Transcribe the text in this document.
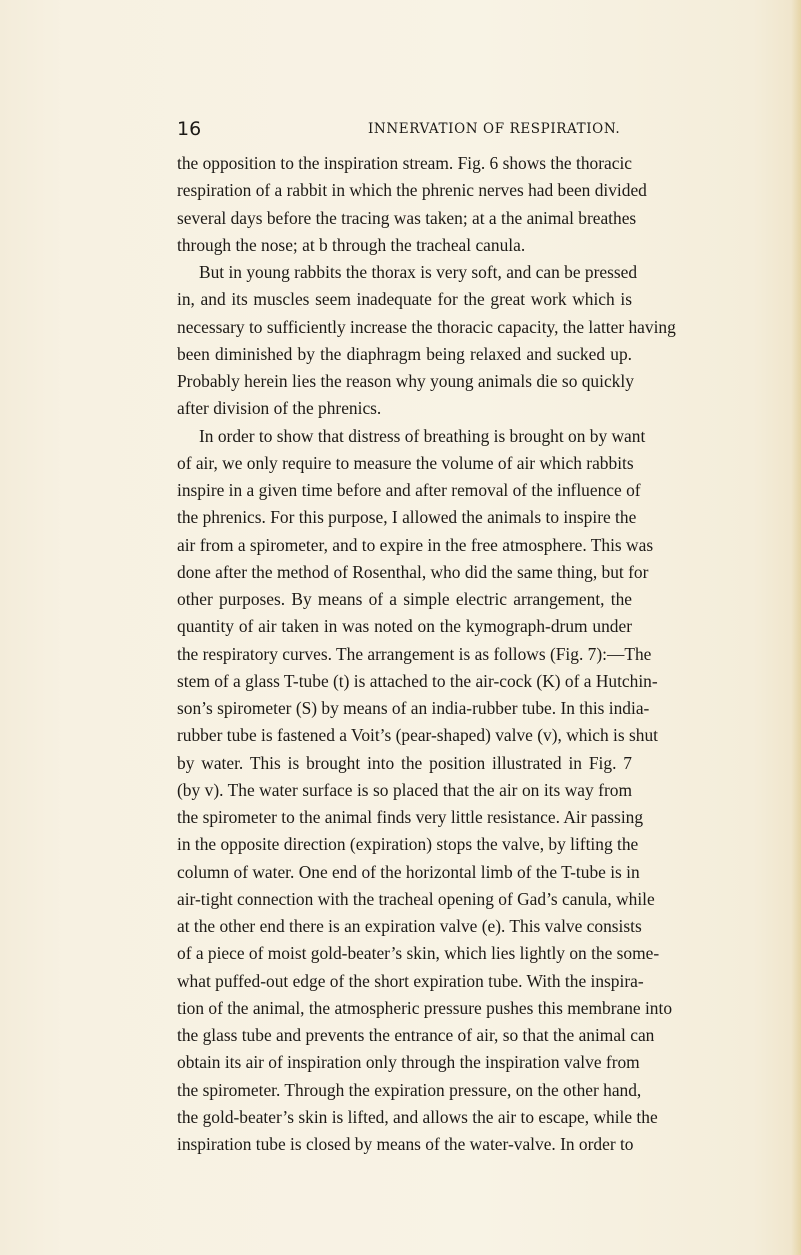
16	INNERVATION OF RESPIRATION.
the opposition to the inspiration stream. Fig. 6 shows the thoracic
respiration of a rabbit in which the phrenic nerves had been divided
several days before the tracing was taken; at a the animal breathes
through the nose; at b through the tracheal canula.
But in young rabbits the thorax is very soft, and can be pressed
in, and its muscles seem inadequate for the great work which is
necessary to sufficiently increase the thoracic capacity, the latter having
been diminished by the diaphragm being relaxed and sucked up.
Probably herein lies the reason why young animals die so quickly
after division of the phrenics.
In order to show that distress of breathing is brought on by want
of air, we only require to measure the volume of air which rabbits
inspire in a given time before and after removal of the influence of
the phrenics. For this purpose, I allowed the animals to inspire the
air from a spirometer, and to expire in the free atmosphere. This was
done after the method of Rosenthal, who did the same thing, but for
other purposes. By means of a simple electric arrangement, the
quantity of air taken in was noted on the kymograph-drum under
the respiratory curves. The arrangement is as follows (Fig. 7):—The
stem of a glass T-tube (t) is attached to the air-cock (K) of a Hutchin-
son’s spirometer (S) by means of an india-rubber tube. In this india-
rubber tube is fastened a Voit’s (pear-shaped) valve (v), which is shut
by water. This is brought into the position illustrated in Fig. 7
(by v). The water surface is so placed that the air on its way from
the spirometer to the animal finds very little resistance. Air passing
in the opposite direction (expiration) stops the valve, by lifting the
column of water. One end of the horizontal limb of the T-tube is in
air-tight connection with the tracheal opening of Gad’s canula, while
at the other end there is an expiration valve (e). This valve consists
of a piece of moist gold-beater’s skin, which lies lightly on the some-
what puffed-out edge of the short expiration tube. With the inspira-
tion of the animal, the atmospheric pressure pushes this membrane into
the glass tube and prevents the entrance of air, so that the animal can
obtain its air of inspiration only through the inspiration valve from
the spirometer. Through the expiration pressure, on the other hand,
the gold-beater’s skin is lifted, and allows the air to escape, while the
inspiration tube is closed by means of the water-valve. In order to
